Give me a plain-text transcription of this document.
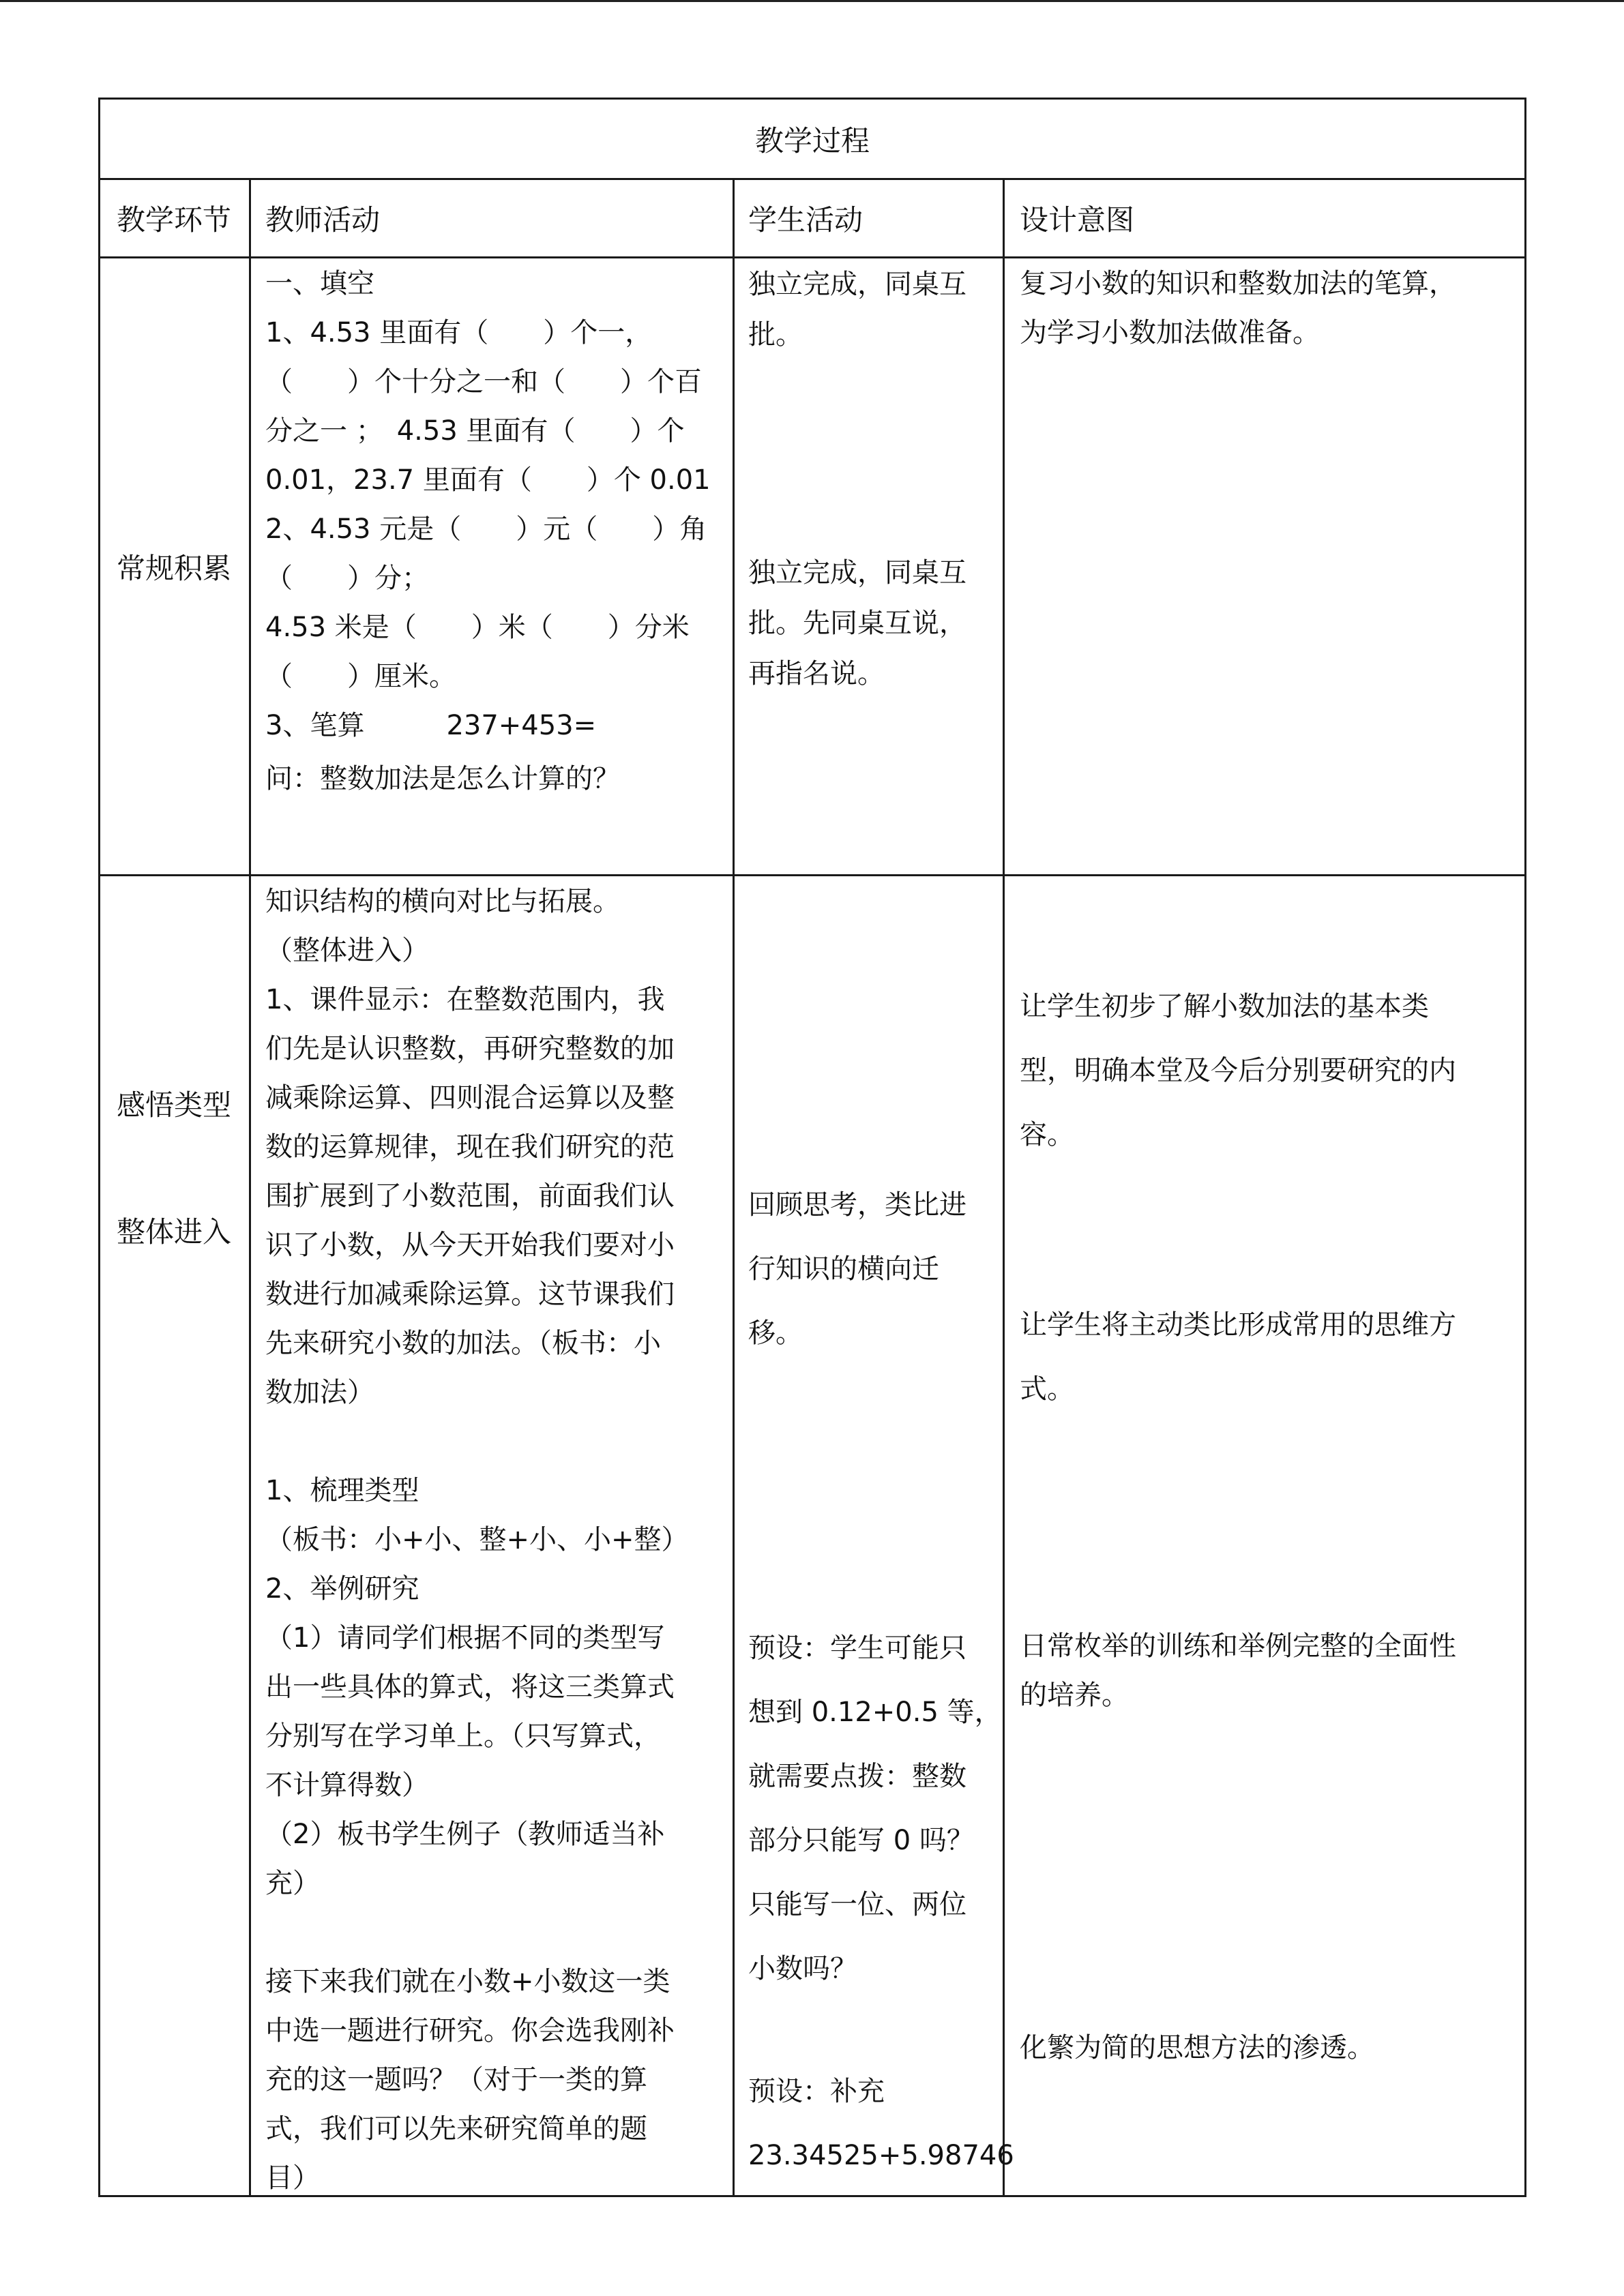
教学过程
教学环节 教师活动	学生活动	设计意图
常规积累

一、填空

1、4.53 里面有（　　）个一，

（　　）个十分之一和（　　）个百

分之一 ；　4.53 里面有（　　）个

0.01，23.7 里面有（　　）个 0.01

2、4.53 元是（　　）元（　　）角

（　　）分；

4.53 米是（　　）米（　　）分米

（　　）厘米。

3、笔算　　　237+453=

问：整数加法是怎么计算的？

独立完成，同桌互

批。

独立完成，同桌互

批。先同桌互说，

再指名说。

复习小数的知识和整数加法的笔算，

为学习小数加法做准备。

感悟类型
整体进入

知识结构的横向对比与拓展。

（整体进入）

1、课件显示：在整数范围内，我

们先是认识整数，再研究整数的加

减乘除运算、四则混合运算以及整

数的运算规律，现在我们研究的范

围扩展到了小数范围，前面我们认

识了小数，从今天开始我们要对小

数进行加减乘除运算。这节课我们

先来研究小数的加法。（板书：小

数加法）

1、梳理类型

（板书：小+小、整+小、小+整）

2、举例研究

（1）请同学们根据不同的类型写

出一些具体的算式，将这三类算式

分别写在学习单上。（只写算式，

不计算得数）

（2）板书学生例子（教师适当补

充）

接下来我们就在小数+小数这一类

中选一题进行研究。你会选我刚补

充的这一题吗？（对于一类的算

式，我们可以先来研究简单的题

目）

回顾思考，类比进

行知识的横向迁

移。

预设：学生可能只

想到 0.12+0.5 等，

就需要点拨：整数

部分只能写 0 吗？

只能写一位、两位

小数吗？

预设：补充

23.34525+5.98746

让学生初步了解小数加法的基本类

型，明确本堂及今后分别要研究的内

容。

让学生将主动类比形成常用的思维方

式。

日常枚举的训练和举例完整的全面性

的培养。

化繁为简的思想方法的渗透。
